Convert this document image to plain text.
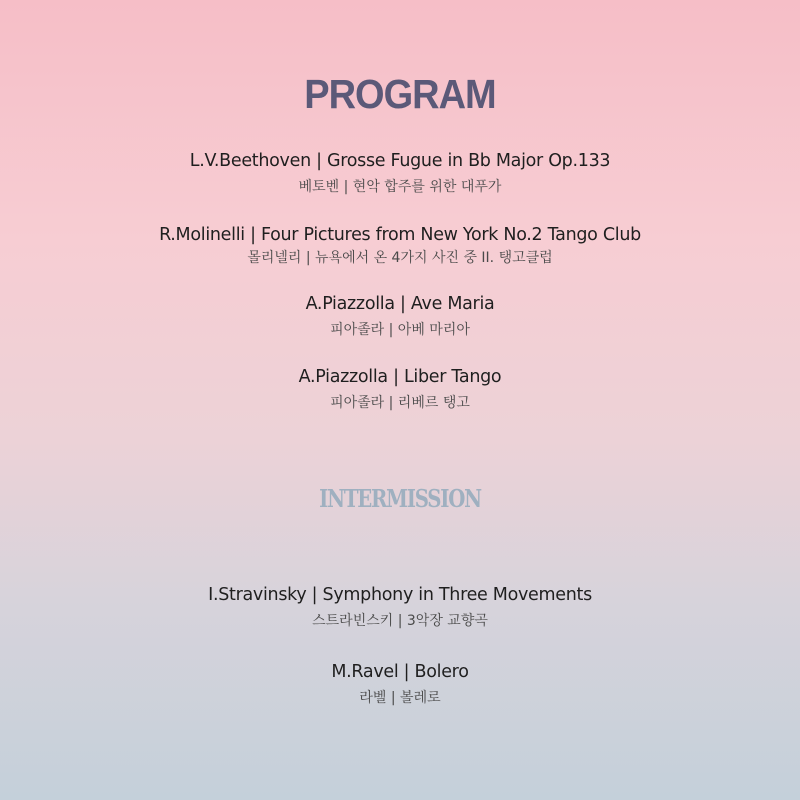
PROGRAM
L.V.Beethoven | Grosse Fugue in Bb Major Op.133
베토벤 | 현악 합주를 위한 대푸가
R.Molinelli | Four Pictures from New York No.2 Tango Club
몰리넬리 | 뉴욕에서 온 4가지 사진 중 II. 탱고클럽
A.Piazzolla | Ave Maria
피아졸라 | 아베 마리아
A.Piazzolla | Liber Tango
피아졸라 | 리베르 탱고
INTERMISSION
I.Stravinsky | Symphony in Three Movements
스트라빈스키 | 3악장 교향곡
M.Ravel | Bolero
라벨 | 볼레로
